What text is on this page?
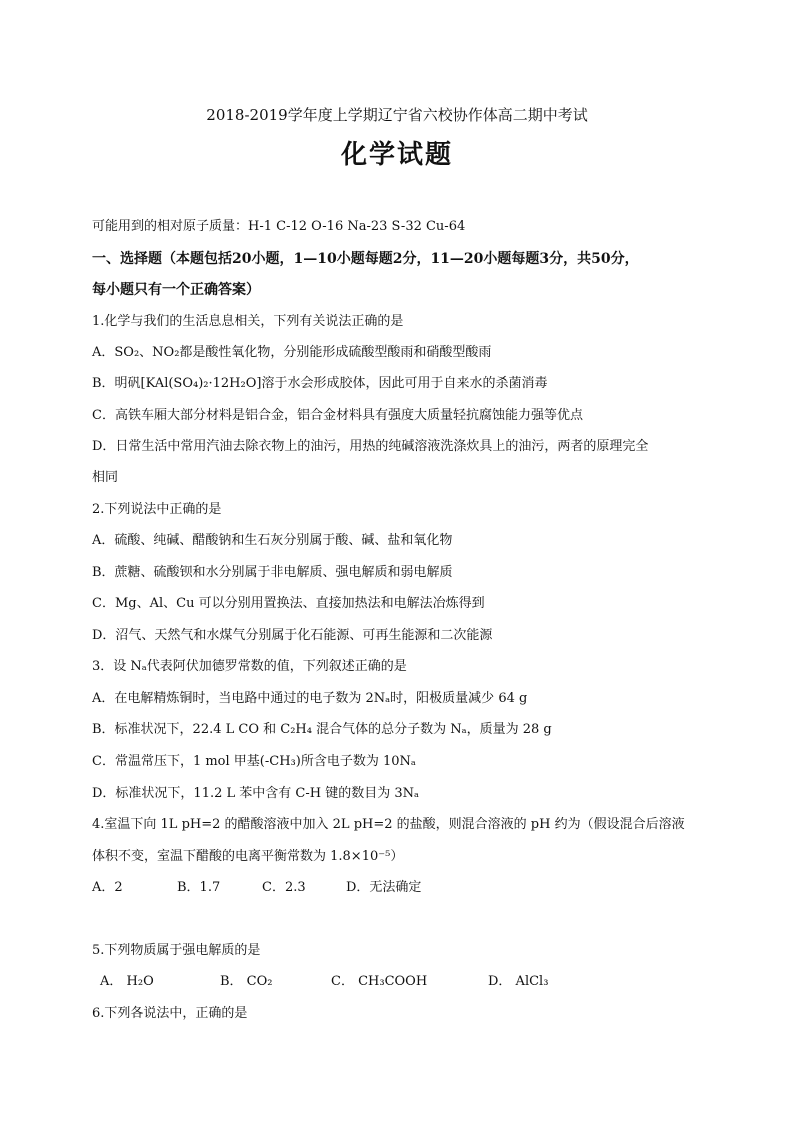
2018-2019学年度上学期辽宁省六校协作体高二期中考试
化学试题
可能用到的相对原子质量：H-1 C-12 O-16 Na-23 S-32 Cu-64
一、选择题（本题包括20小题，1—10小题每题2分，11—20小题每题3分，共50分，
每小题只有一个正确答案）
1.化学与我们的生活息息相关，下列有关说法正确的是
A．SO₂、NO₂都是酸性氧化物，分别能形成硫酸型酸雨和硝酸型酸雨
B．明矾[KAl(SO₄)₂·12H₂O]溶于水会形成胶体，因此可用于自来水的杀菌消毒
C．高铁车厢大部分材料是铝合金，铝合金材料具有强度大质量轻抗腐蚀能力强等优点
D．日常生活中常用汽油去除衣物上的油污，用热的纯碱溶液洗涤炊具上的油污，两者的原理完全
相同
2.下列说法中正确的是
A．硫酸、纯碱、醋酸钠和生石灰分别属于酸、碱、盐和氧化物
B．蔗糖、硫酸钡和水分别属于非电解质、强电解质和弱电解质
C．Mg、Al、Cu 可以分别用置换法、直接加热法和电解法冶炼得到
D．沼气、天然气和水煤气分别属于化石能源、可再生能源和二次能源
3．设 Nₐ代表阿伏加德罗常数的值，下列叙述正确的是
A．在电解精炼铜时，当电路中通过的电子数为 2Nₐ时，阳极质量减少 64 g
B．标准状况下，22.4 L CO 和 C₂H₄ 混合气体的总分子数为 Nₐ，质量为 28 g
C．常温常压下，1 mol 甲基(-CH₃)所含电子数为 10Nₐ
D．标准状况下，11.2 L 苯中含有 C-H 键的数目为 3Nₐ
4.室温下向 1L pH=2 的醋酸溶液中加入 2L pH=2 的盐酸，则混合溶液的 pH 约为（假设混合后溶液
体积不变，室温下醋酸的电离平衡常数为 1.8×10⁻⁵）
A．2	B．1.7	C．2.3	D．无法确定
5.下列物质属于强电解质的是
A． H₂O	B． CO₂	C． CH₃COOH	D． AlCl₃
6.下列各说法中，正确的是
